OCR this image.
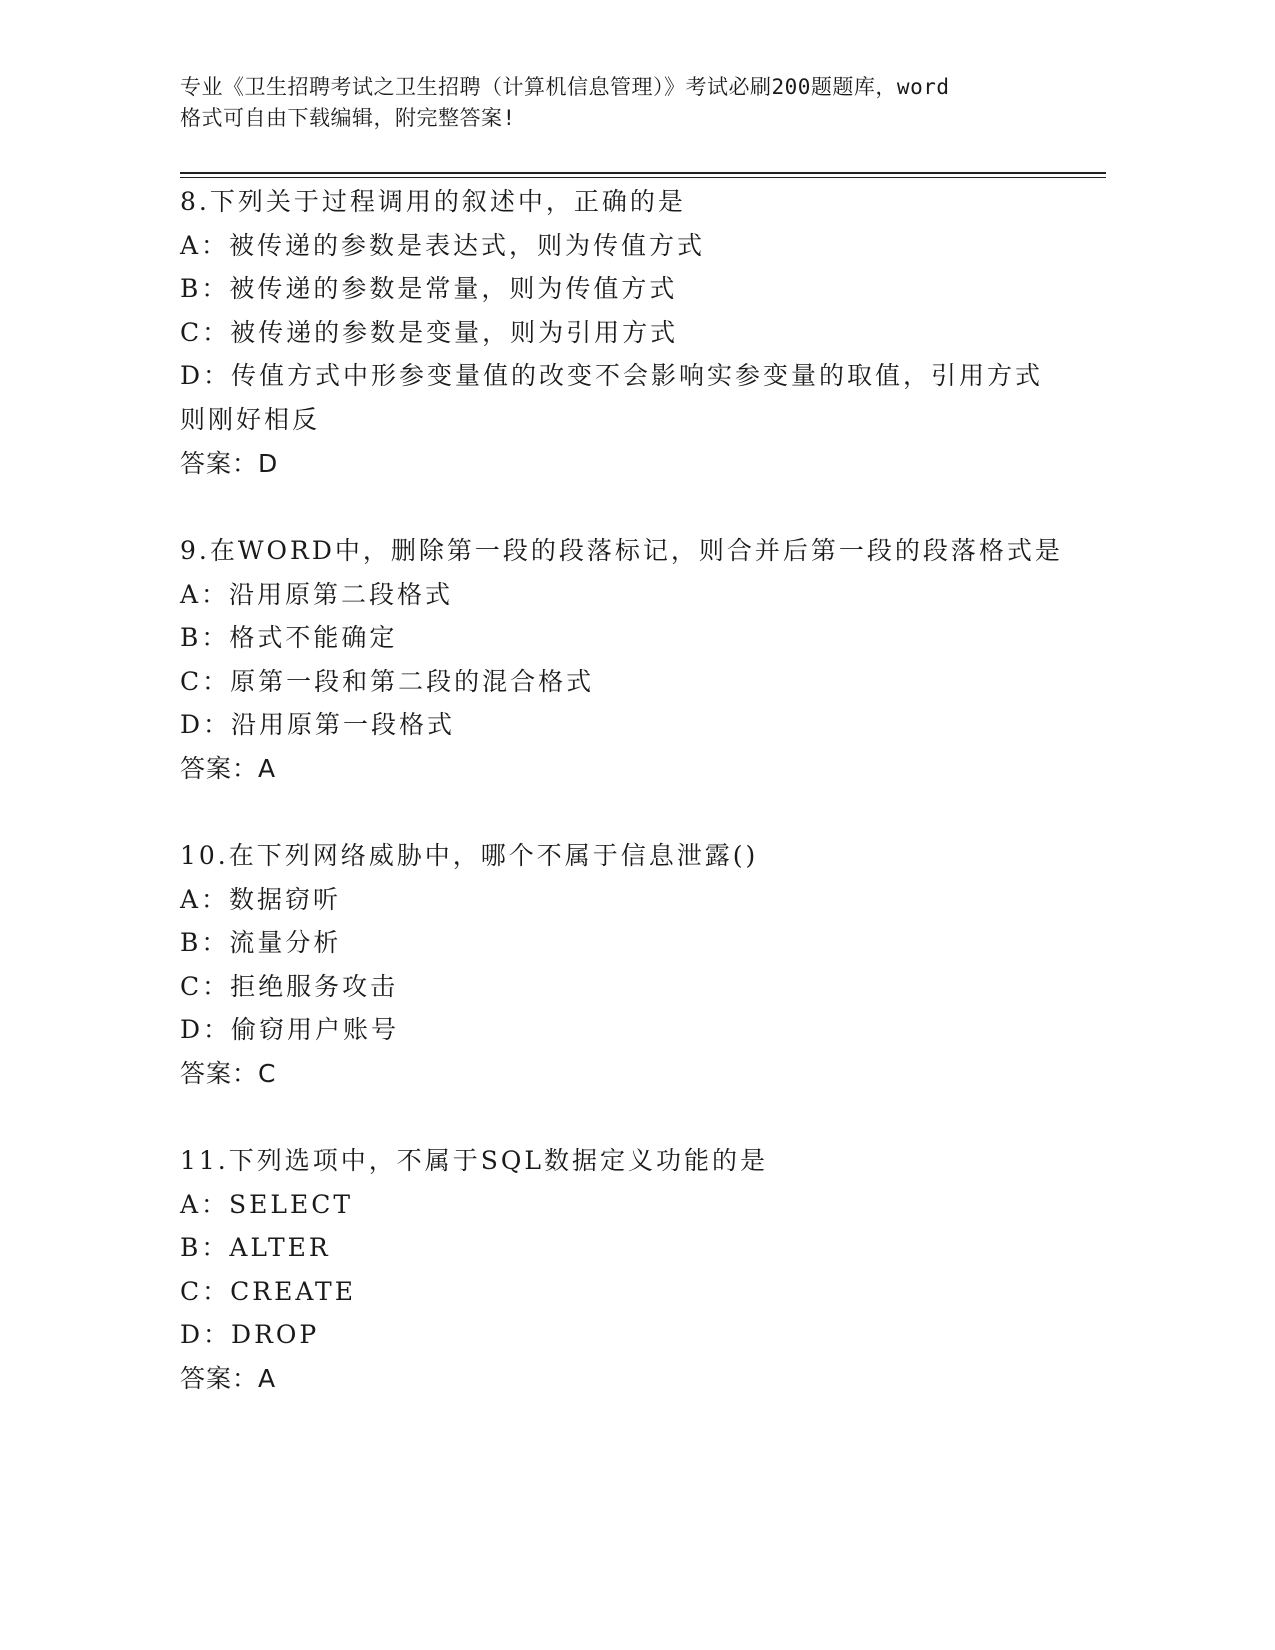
专业《卫生招聘考试之卫生招聘（计算机信息管理）》考试必刷200题题库，word
格式可自由下载编辑，附完整答案!
8.下列关于过程调用的叙述中，正确的是
A：被传递的参数是表达式，则为传值方式
B：被传递的参数是常量，则为传值方式
C：被传递的参数是变量，则为引用方式
D：传值方式中形参变量值的改变不会影响实参变量的取值，引用方式
则刚好相反
答案：D
9.在WORD中，删除第一段的段落标记，则合并后第一段的段落格式是
A：沿用原第二段格式
B：格式不能确定
C：原第一段和第二段的混合格式
D：沿用原第一段格式
答案：A
10.在下列网络威胁中，哪个不属于信息泄露()
A：数据窃听
B：流量分析
C：拒绝服务攻击
D：偷窃用户账号
答案：C
11.下列选项中，不属于SQL数据定义功能的是
A：SELECT
B：ALTER
C：CREATE
D：DROP
答案：A
